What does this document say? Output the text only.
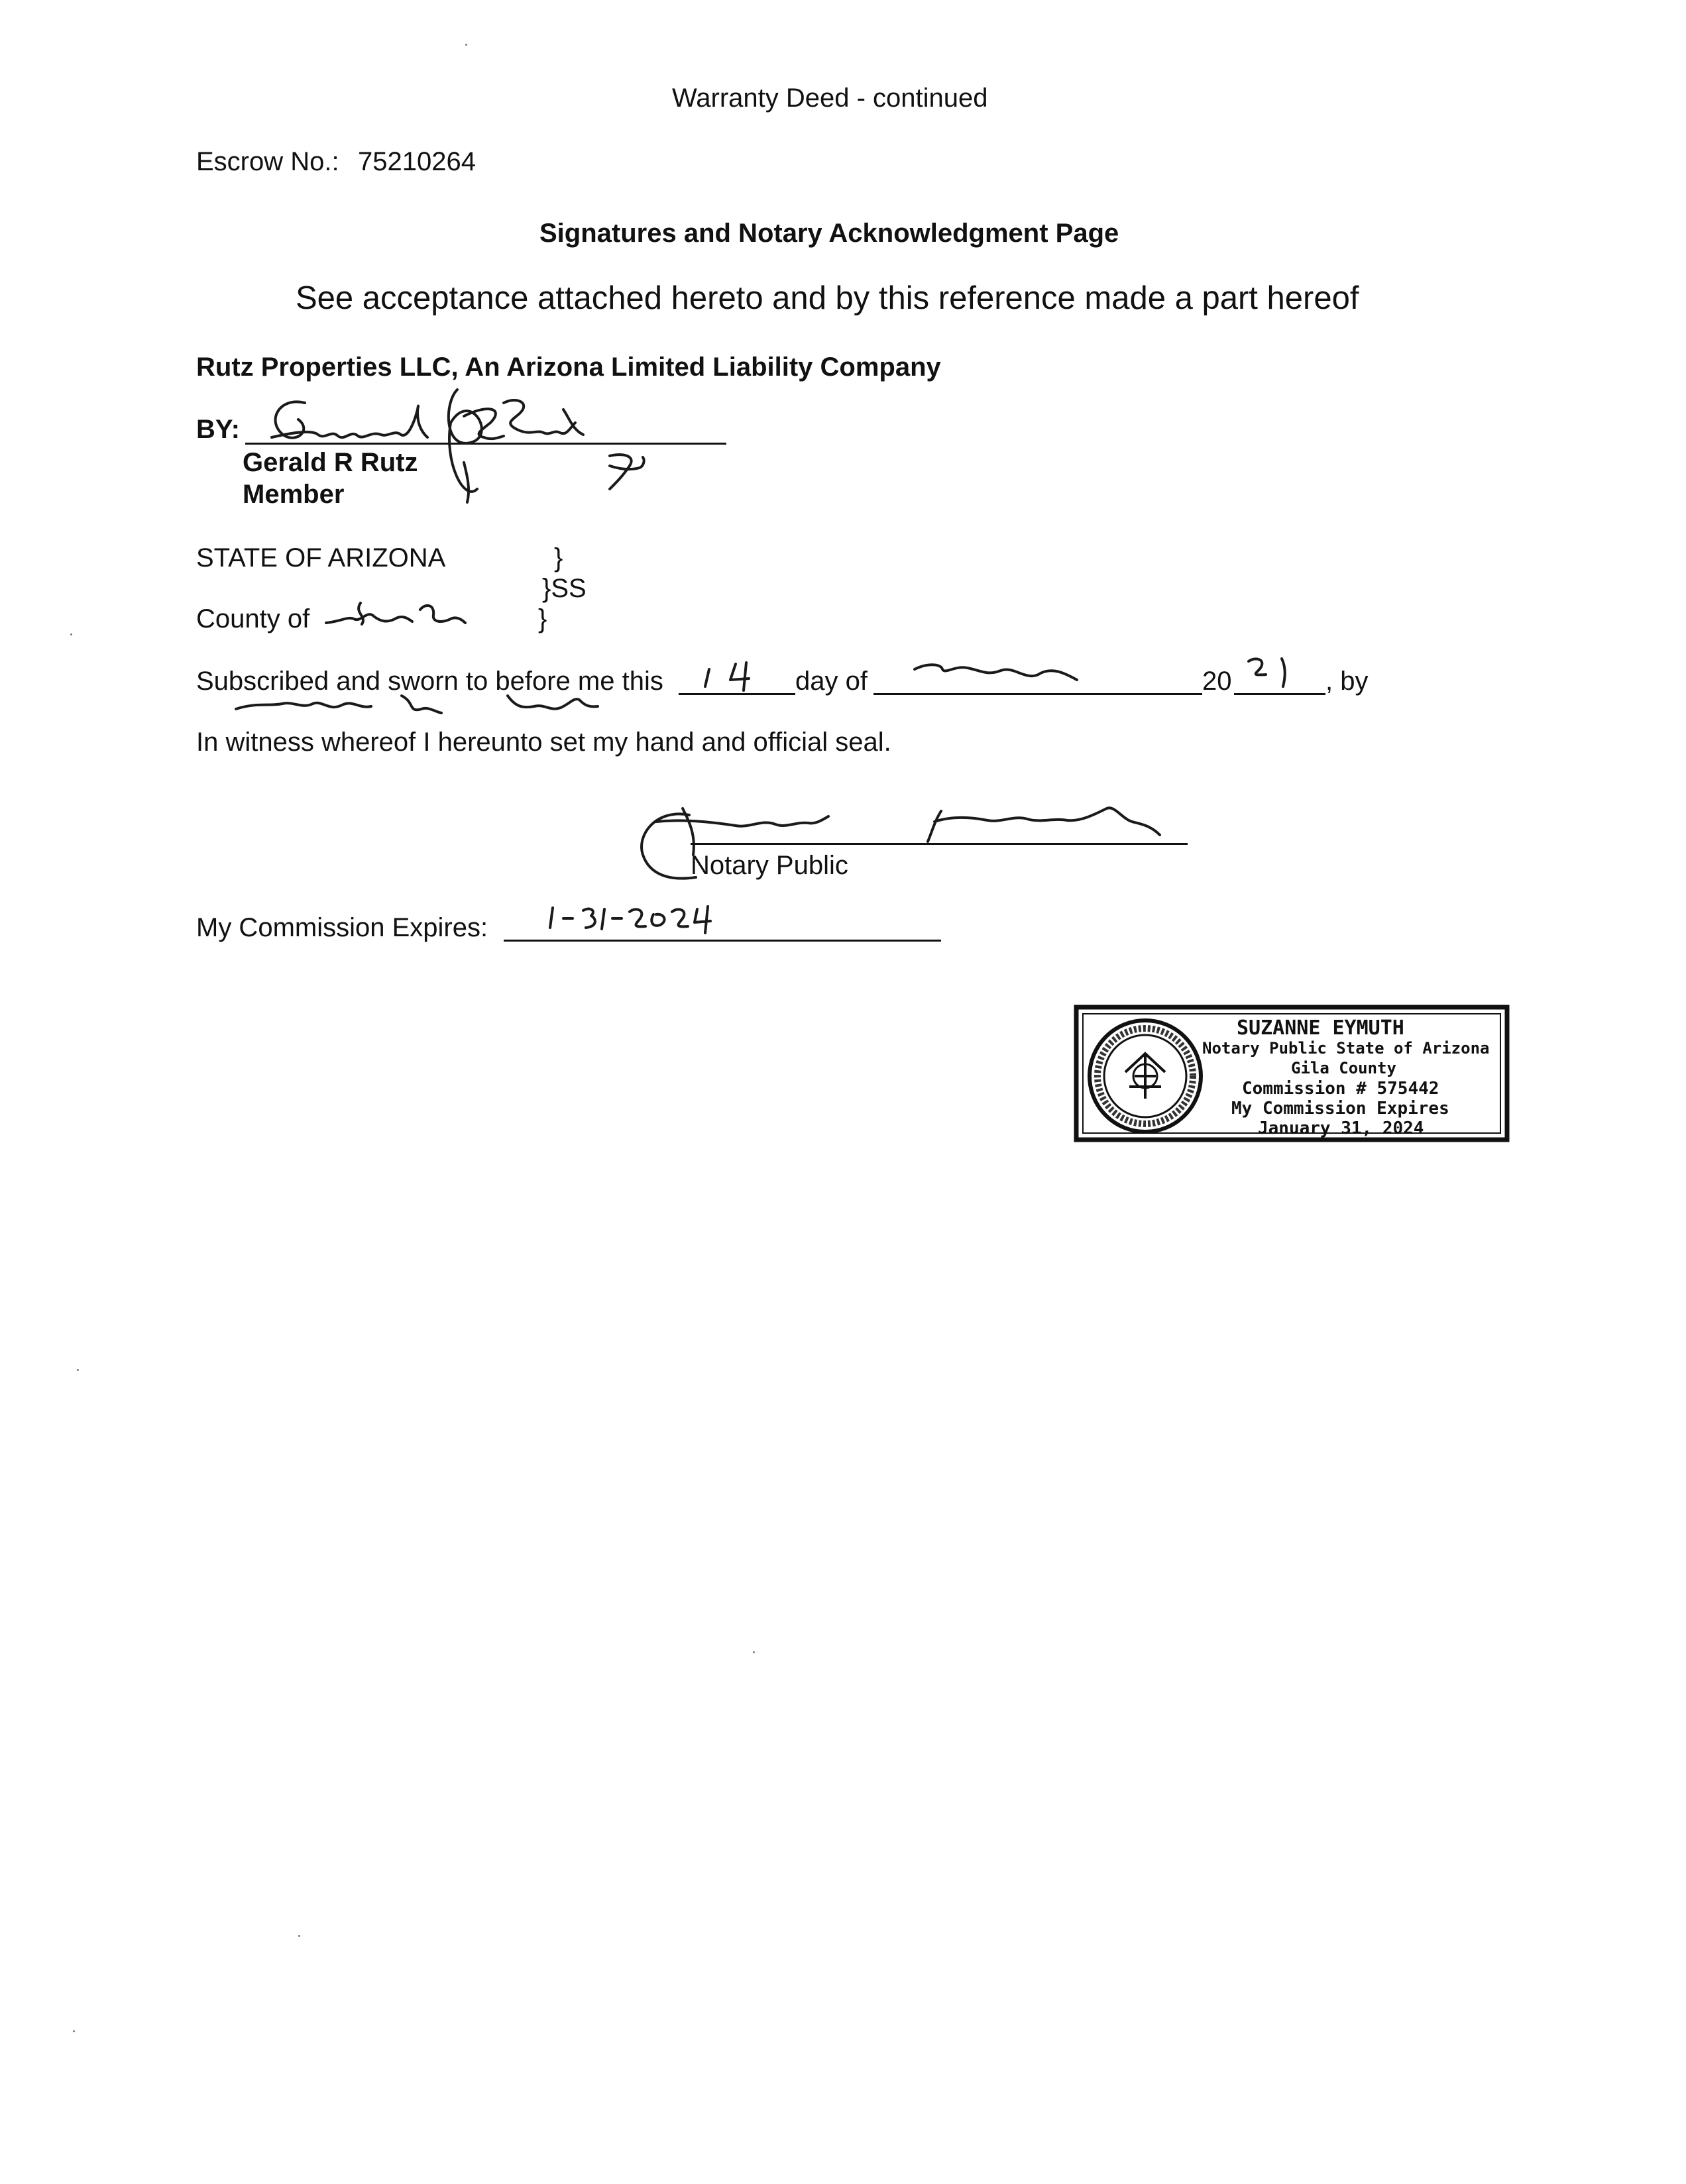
Warranty Deed - continued
Escrow No.: 75210264
Signatures and Notary Acknowledgment Page
See acceptance attached hereto and by this reference made a part hereof
Rutz Properties LLC, An Arizona Limited Liability Company
BY:
Gerald R Rutz
Member
STATE OF ARIZONA	}
}SS
County of	}
Subscribed and sworn to before me this	day of	20	, by
In witness whereof I hereunto set my hand and official seal.
Notary Public
My Commission Expires:
SUZANNE EYMUTH
Notary Public State of Arizona
Gila County
Commission # 575442
My Commission Expires
January 31, 2024
